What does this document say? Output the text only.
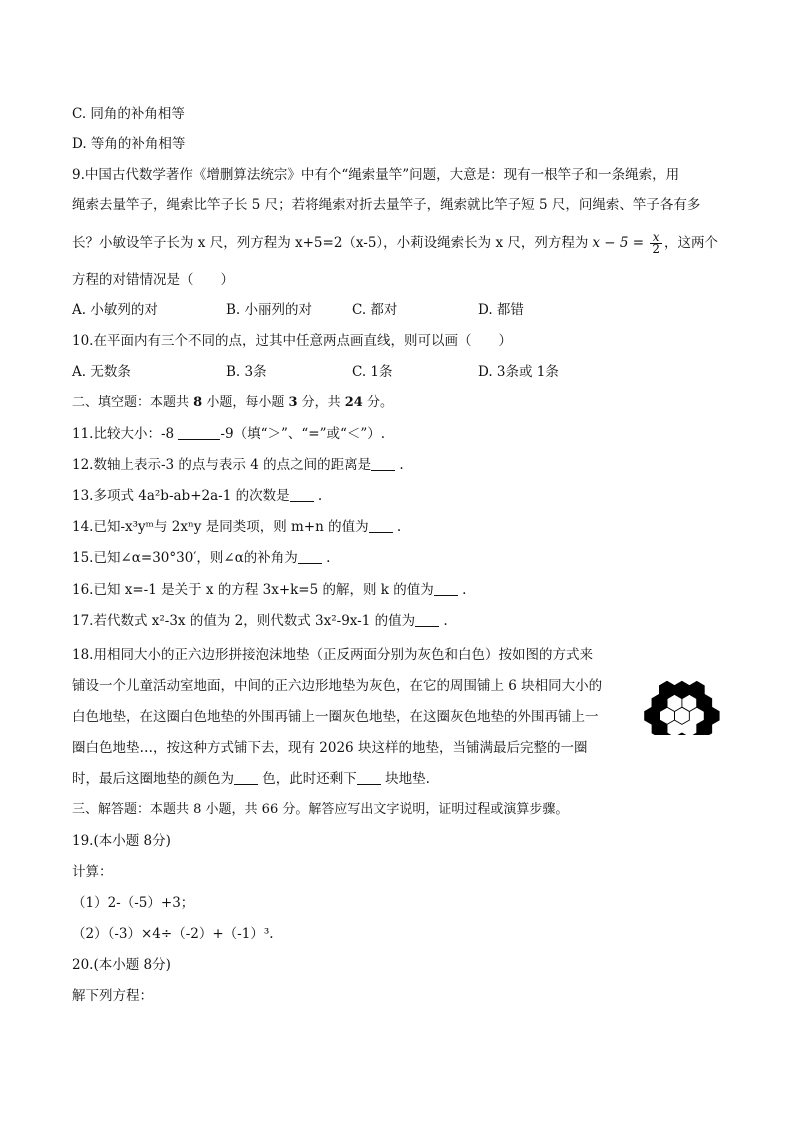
C. 同角的补角相等
D. 等角的补角相等
9.中国古代数学著作《增删算法统宗》中有个“绳索量竿”问题，大意是：现有一根竿子和一条绳索，用
绳索去量竿子，绳索比竿子长 5 尺；若将绳索对折去量竿子，绳索就比竿子短 5 尺，问绳索、竿子各有多
长？小敏设竿子长为 x 尺，列方程为 x+5=2（x-5），小莉设绳索长为 x 尺，列方程为 $x - 5 = \frac{x}{2}$ ，这两个
方程的对错情况是（　　）
A. 小敏列的对	B. 小丽列的对	C. 都对	D. 都错
10.在平面内有三个不同的点，过其中任意两点画直线，则可以画（　　）
A. 无数条	B. 3条	C. 1条	D. 3条或 1条
二、填空题：本题共 8 小题，每小题 3 分，共 24 分。
11.比较大小：-8	-9（填“＞”、“=”或“＜”）.
12.数轴上表示-3 的点与表示 4 的点之间的距离是 .
13.多项式 4a²b-ab+2a-1 的次数是 .
14.已知-x³yᵐ与 2xⁿy 是同类项，则 m+n 的值为 .
15.已知∠α=30°30′，则∠α的补角为 .
16.已知 x=-1 是关于 x 的方程 3x+k=5 的解，则 k 的值为 .
17.若代数式 x²-3x 的值为 2，则代数式 3x²-9x-1 的值为 .
18.用相同大小的正六边形拼接泡沫地垫（正反两面分别为灰色和白色）按如图的方式来
铺设一个儿童活动室地面，中间的正六边形地垫为灰色，在它的周围铺上 6 块相同大小的
白色地垫，在这圈白色地垫的外围再铺上一圈灰色地垫，在这圈灰色地垫的外围再铺上一
圈白色地垫…，按这种方式铺下去，现有 2026 块这样的地垫，当铺满最后完整的一圈
时，最后这圈地垫的颜色为 色，此时还剩下 块地垫.
三、解答题：本题共 8 小题，共 66 分。解答应写出文字说明，证明过程或演算步骤。
19.(本小题 8分)
计算：
（1）2-（-5）+3；
（2）（-3）×4÷（-2）+（-1）³.
20.(本小题 8分)
解下列方程：
